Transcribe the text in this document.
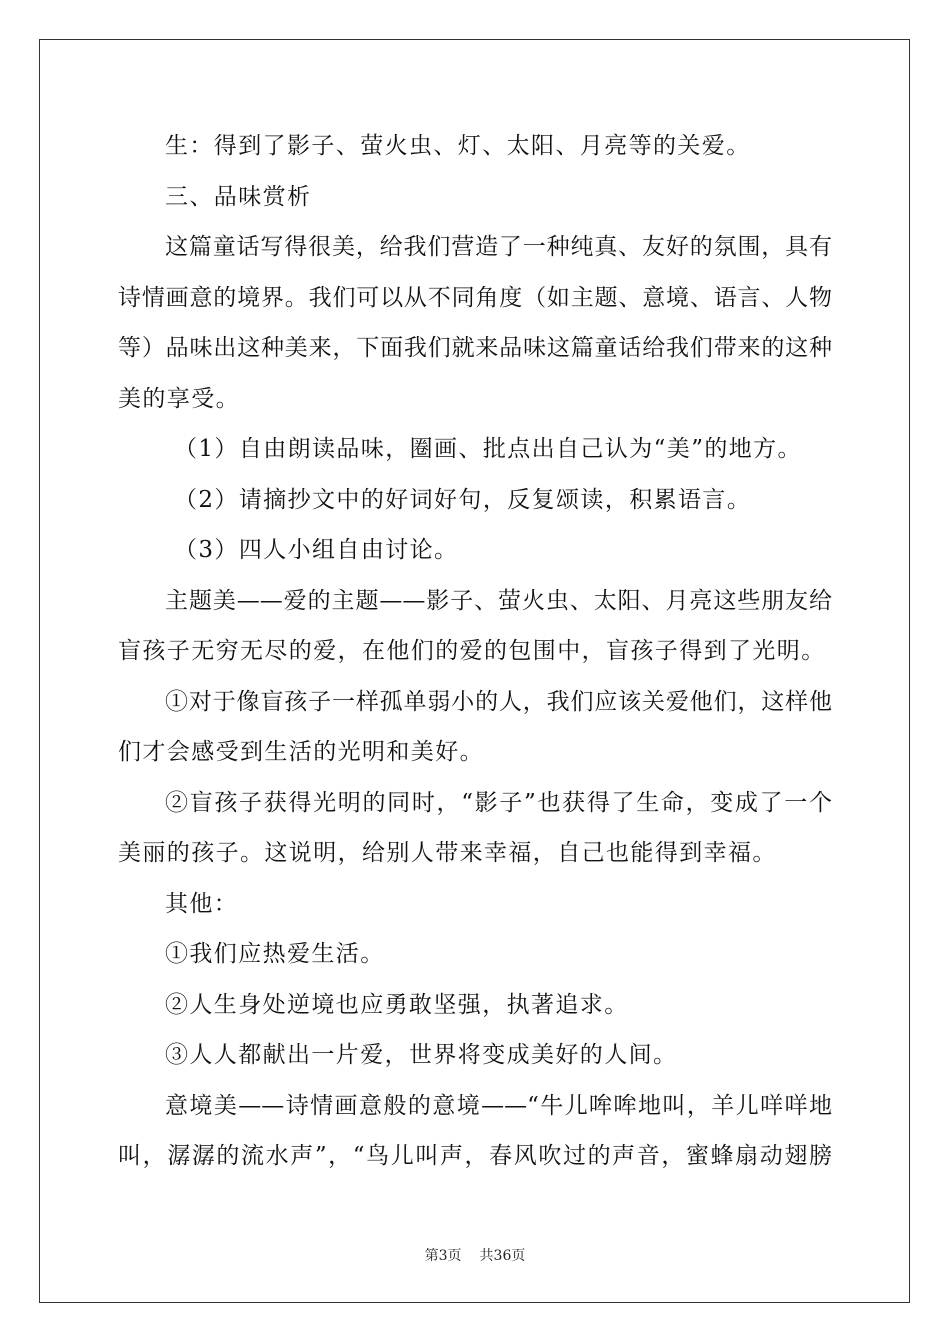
生：得到了影子、萤火虫、灯、太阳、月亮等的关爱。
三、品味赏析
这篇童话写得很美，给我们营造了一种纯真、友好的氛围，具有
诗情画意的境界。我们可以从不同角度（如主题、意境、语言、人物
等）品味出这种美来，下面我们就来品味这篇童话给我们带来的这种
美的享受。
（1）自由朗读品味，圈画、批点出自己认为“美”的地方。
（2）请摘抄文中的好词好句，反复颂读，积累语言。
（3）四人小组自由讨论。
主题美——爱的主题——影子、萤火虫、太阳、月亮这些朋友给
盲孩子无穷无尽的爱，在他们的爱的包围中，盲孩子得到了光明。
①对于像盲孩子一样孤单弱小的人，我们应该关爱他们，这样他
们才会感受到生活的光明和美好。
②盲孩子获得光明的同时，“影子”也获得了生命，变成了一个
美丽的孩子。这说明，给别人带来幸福，自己也能得到幸福。
其他：
①我们应热爱生活。
②人生身处逆境也应勇敢坚强，执著追求。
③人人都献出一片爱，世界将变成美好的人间。
意境美——诗情画意般的意境——“牛儿哞哞地叫，羊儿咩咩地
叫，潺潺的流水声”，“鸟儿叫声，春风吹过的声音，蜜蜂扇动翅膀
第3页 共36页
